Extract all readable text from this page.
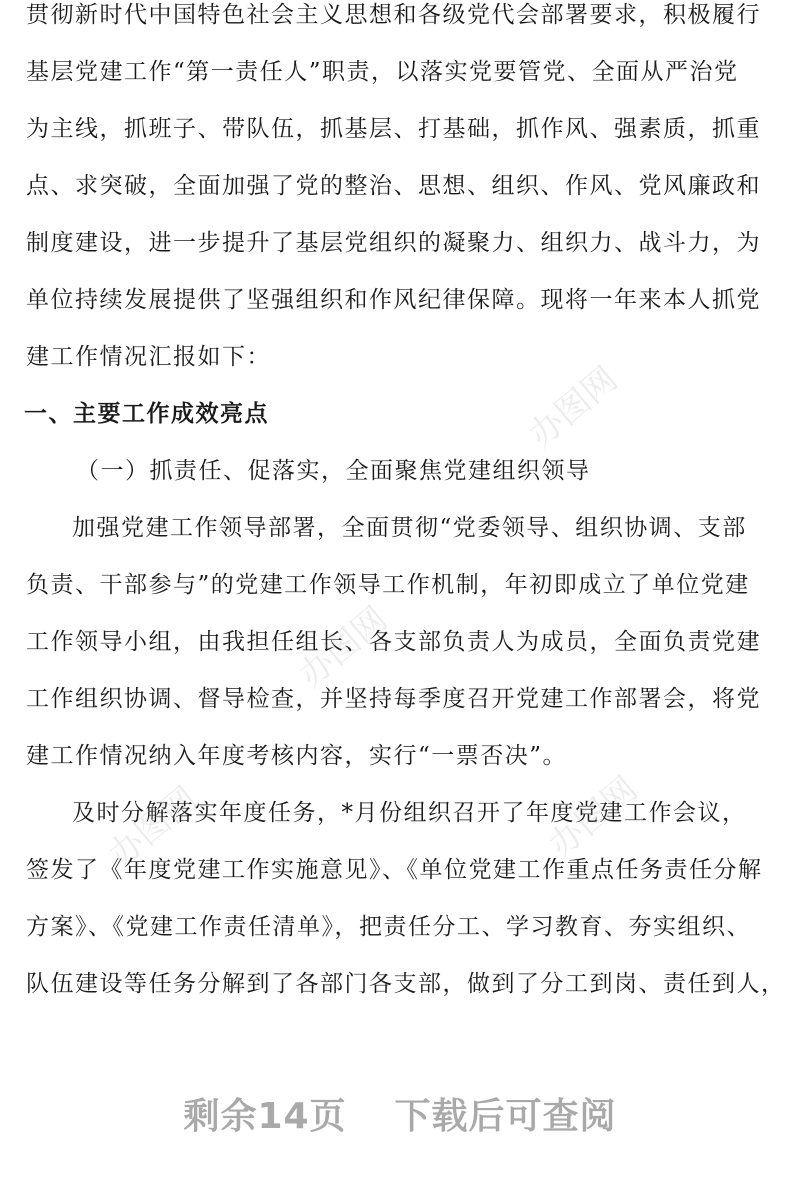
贯彻新时代中国特色社会主义思想和各级党代会部署要求，积极履行
基层党建工作“第一责任人”职责，以落实党要管党、全面从严治党
为主线，抓班子、带队伍，抓基层、打基础，抓作风、强素质，抓重
点、求突破，全面加强了党的整治、思想、组织、作风、党风廉政和
制度建设，进一步提升了基层党组织的凝聚力、组织力、战斗力，为
单位持续发展提供了坚强组织和作风纪律保障。现将一年来本人抓党
建工作情况汇报如下：
一、主要工作成效亮点
（一）抓责任、促落实，全面聚焦党建组织领导
加强党建工作领导部署，全面贯彻“党委领导、组织协调、支部
负责、干部参与”的党建工作领导工作机制，年初即成立了单位党建
工作领导小组，由我担任组长、各支部负责人为成员，全面负责党建
工作组织协调、督导检查，并坚持每季度召开党建工作部署会，将党
建工作情况纳入年度考核内容，实行“一票否决”。
及时分解落实年度任务，*月份组织召开了年度党建工作会议，
签发了《年度党建工作实施意见》、《单位党建工作重点任务责任分解
方案》、《党建工作责任清单》，把责任分工、学习教育、夯实组织、
队伍建设等任务分解到了各部门各支部，做到了分工到岗、责任到人，
办图网
办图网
办图网
办图网
剩余14页 下载后可查阅
